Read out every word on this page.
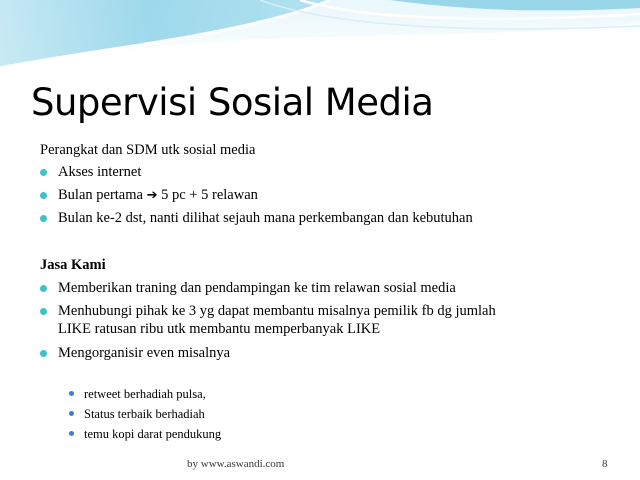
Supervisi Sosial Media
Perangkat dan SDM utk sosial media
Akses internet
Bulan pertama ➔ 5 pc + 5 relawan
Bulan ke-2 dst, nanti dilihat sejauh mana perkembangan dan kebutuhan
Jasa Kami
Memberikan traning dan pendampingan ke tim relawan sosial media
Menhubungi pihak ke 3 yg dapat membantu misalnya pemilik fb dg jumlah
LIKE ratusan ribu utk membantu memperbanyak LIKE
Mengorganisir even misalnya
retweet berhadiah pulsa,
Status terbaik berhadiah
temu kopi darat pendukung
by www.aswandi.com	8
